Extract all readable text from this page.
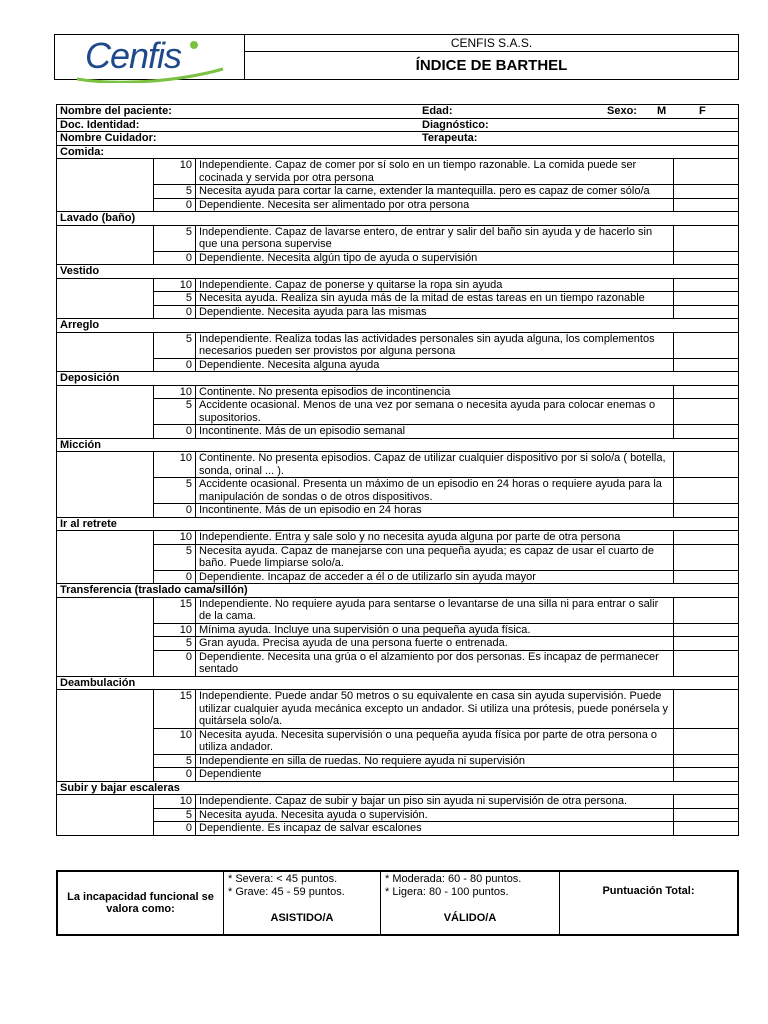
Cenfis	CENFIS S.A.S.
ÍNDICE DE BARTHEL
Nombre del paciente: Edad: Sexo: M F			

Doc. Identidad: Diagnóstico:			

Nombre Cuidador: Terapeuta:			

Comida:			
	10	Independiente. Capaz de comer por sí solo en un tiempo razonable. La comida puede ser cocinada y servida por otra persona	
	5	Necesita ayuda para cortar la carne, extender la mantequilla. pero es capaz de comer sólo/a	
	0	Dependiente. Necesita ser alimentado por otra persona	
Lavado (baño)			
	5	Independiente. Capaz de lavarse entero, de entrar y salir del baño sin ayuda y de hacerlo sin que una persona supervise	
	0	Dependiente. Necesita algún tipo de ayuda o supervisión	
Vestido			
	10	Independiente. Capaz de ponerse y quitarse la ropa sin ayuda	
	5	Necesita ayuda. Realiza sin ayuda más de la mitad de estas tareas en un tiempo razonable	
	0	Dependiente. Necesita ayuda para las mismas	
Arreglo			
	5	Independiente. Realiza todas las actividades personales sin ayuda alguna, los complementos necesarios pueden ser provistos por alguna persona	
	0	Dependiente. Necesita alguna ayuda	
Deposición			
	10	Continente. No presenta episodios de incontinencia	
	5	Accidente ocasional. Menos de una vez por semana o necesita ayuda para colocar enemas o supositorios.	
	0	Incontinente. Más de un episodio semanal	
Micción			
	10	Continente. No presenta episodios. Capaz de utilizar cualquier dispositivo por si solo/a ( botella, sonda, orinal ... ).	
	5	Accidente ocasional. Presenta un máximo de un episodio en 24 horas o requiere ayuda para la manipulación de sondas o de otros dispositivos.	
	0	Incontinente. Más de un episodio en 24 horas	
Ir al retrete			
	10	Independiente. Entra y sale solo y no necesita ayuda alguna por parte de otra persona	
	5	Necesita ayuda. Capaz de manejarse con una pequeña ayuda; es capaz de usar el cuarto de baño. Puede limpiarse solo/a.	
	0	Dependiente. Incapaz de acceder a él o de utilizarlo sin ayuda mayor	
Transferencia (traslado cama/sillón)			
	15	Independiente. No requiere ayuda para sentarse o levantarse de una silla ni para entrar o salir de la cama.	
	10	Mínima ayuda. Incluye una supervisión o una pequeña ayuda física.	
	5	Gran ayuda. Precisa ayuda de una persona fuerte o entrenada.	
	0	Dependiente. Necesita una grúa o el alzamiento por dos personas. Es incapaz de permanecer sentado	
Deambulación			
	15	Independiente. Puede andar 50 metros o su equivalente en casa sin ayuda supervisión. Puede utilizar cualquier ayuda mecánica excepto un andador. Si utiliza una prótesis, puede ponérsela y quitársela solo/a.	
	10	Necesita ayuda. Necesita supervisión o una pequeña ayuda física por parte de otra persona o utiliza andador.	
	5	Independiente en silla de ruedas. No requiere ayuda ni supervisión	
	0	Dependiente	
Subir y bajar escaleras			
	10	Independiente. Capaz de subir y bajar un piso sin ayuda ni supervisión de otra persona.	
	5	Necesita ayuda. Necesita ayuda o supervisión.	
	0	Dependiente. Es incapaz de salvar escalones	
La incapacidad funcional se valora como:	
* Severa: < 45 puntos.
* Grave: 45 - 59 puntos.
ASISTIDO/A

* Moderada: 60 - 80 puntos.
* Ligera: 80 - 100 puntos.
VÁLIDO/A

Puntuación Total:
